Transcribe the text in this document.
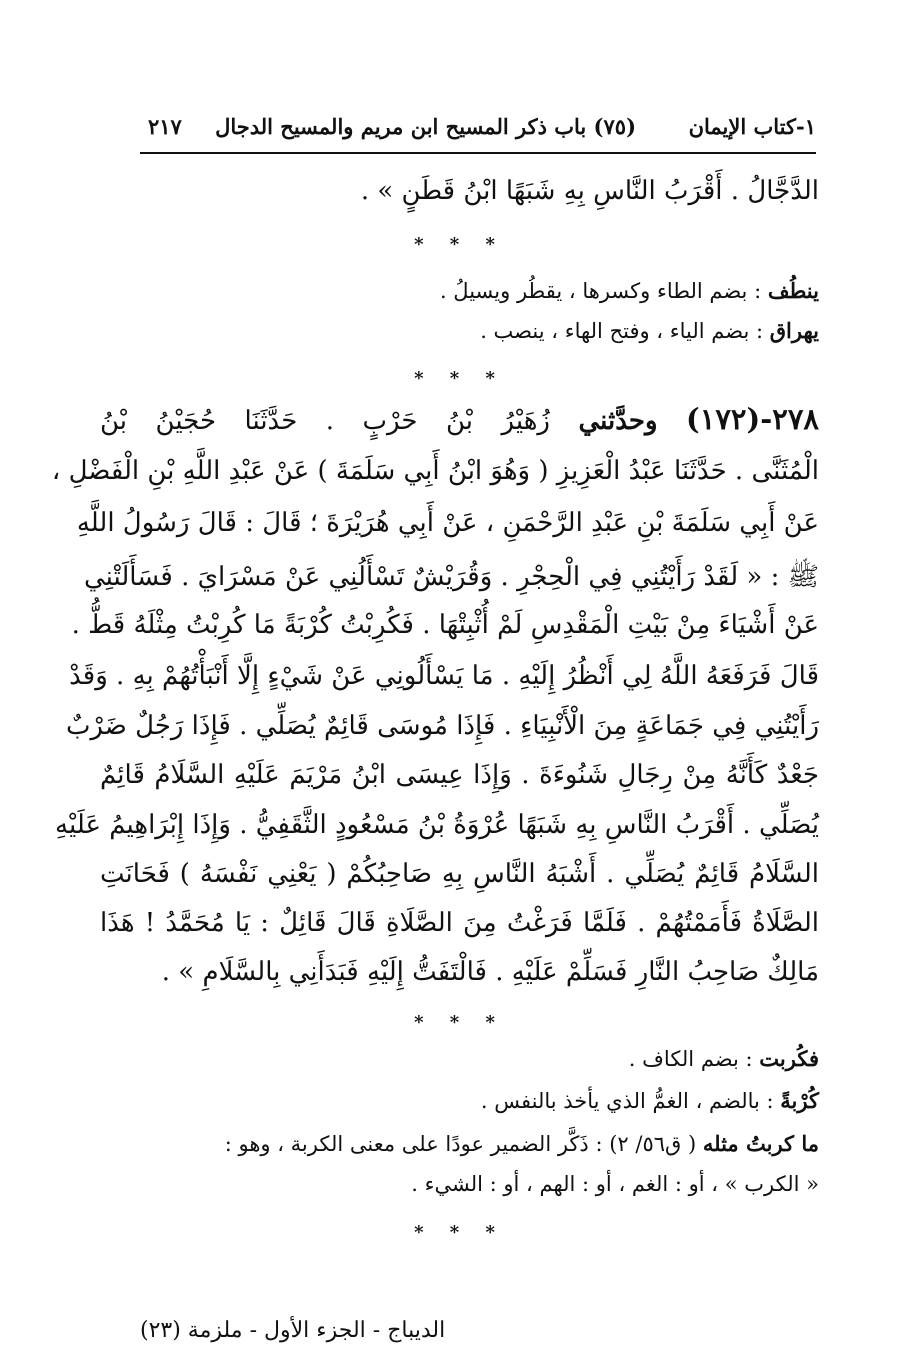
١-كتاب الإيمان
(٧٥) باب ذكر المسيح ابن مريم والمسيح الدجال
٢١٧
الدَّجَّالُ . أَقْرَبُ النَّاسِ بِهِ شَبَهًا ابْنُ قَطَنٍ » .
* * *
ينطُف : بضم الطاء وكسرها ، يقطُر ويسيلُ .
يهراق : بضم الياء ، وفتح الهاء ، ينصب .
* * *
٢٧٨-(١٧٢) وحدَّثني زُهَيْرُ بْنُ حَرْبٍ . حَدَّثَنَا حُجَيْنُ بْنُ
الْمُثَنَّى . حَدَّثَنَا عَبْدُ الْعَزِيزِ ( وَهُوَ ابْنُ أَبِي سَلَمَةَ ) عَنْ عَبْدِ اللَّهِ بْنِ الْفَضْلِ ،
عَنْ أَبِي سَلَمَةَ بْنِ عَبْدِ الرَّحْمَنِ ، عَنْ أَبِي هُرَيْرَةَ ؛ قَالَ : قَالَ رَسُولُ اللَّهِ
ﷺ : « لَقَدْ رَأَيْتُنِي فِي الْحِجْرِ . وَقُرَيْشٌ تَسْأَلُنِي عَنْ مَسْرَايَ . فَسَأَلَتْنِي
عَنْ أَشْيَاءَ مِنْ بَيْتِ الْمَقْدِسِ لَمْ أُثْبِتْهَا . فَكُرِبْتُ كُرْبَةً مَا كُرِبْتُ مِثْلَهُ قَطُّ .
قَالَ فَرَفَعَهُ اللَّهُ لِي أَنْظُرُ إِلَيْهِ . مَا يَسْأَلُونِي عَنْ شَيْءٍ إِلَّا أَنْبَأْتُهُمْ بِهِ . وَقَدْ
رَأَيْتُنِي فِي جَمَاعَةٍ مِنَ الْأَنْبِيَاءِ . فَإِذَا مُوسَى قَائِمٌ يُصَلِّي . فَإِذَا رَجُلٌ ضَرْبٌ
جَعْدٌ كَأَنَّهُ مِنْ رِجَالِ شَنُوءَةَ . وَإِذَا عِيسَى ابْنُ مَرْيَمَ عَلَيْهِ السَّلَامُ قَائِمٌ
يُصَلِّي . أَقْرَبُ النَّاسِ بِهِ شَبَهًا عُرْوَةُ بْنُ مَسْعُودٍ الثَّقَفِيُّ . وَإِذَا إِبْرَاهِيمُ عَلَيْهِ
السَّلَامُ قَائِمٌ يُصَلِّي . أَشْبَهُ النَّاسِ بِهِ صَاحِبُكُمْ ( يَعْنِي نَفْسَهُ ) فَحَانَتِ
الصَّلَاةُ فَأَمَمْتُهُمْ . فَلَمَّا فَرَغْتُ مِنَ الصَّلَاةِ قَالَ قَائِلٌ : يَا مُحَمَّدُ ! هَذَا
مَالِكٌ صَاحِبُ النَّارِ فَسَلِّمْ عَلَيْهِ . فَالْتَفَتُّ إِلَيْهِ فَبَدَأَنِي بِالسَّلَامِ » .
* * *
فكُربت : بضم الكاف .
كُرْبةً : بالضم ، الغمُّ الذي يأخذ بالنفس .
ما كربتُ مثله ( ق٥٦/ ٢) : ذَكَّر الضمير عودًا على معنى الكربة ، وهو :
« الكرب » ، أو : الغم ، أو : الهم ، أو : الشيء .
* * *
الديباج - الجزء الأول - ملزمة (٢٣)
